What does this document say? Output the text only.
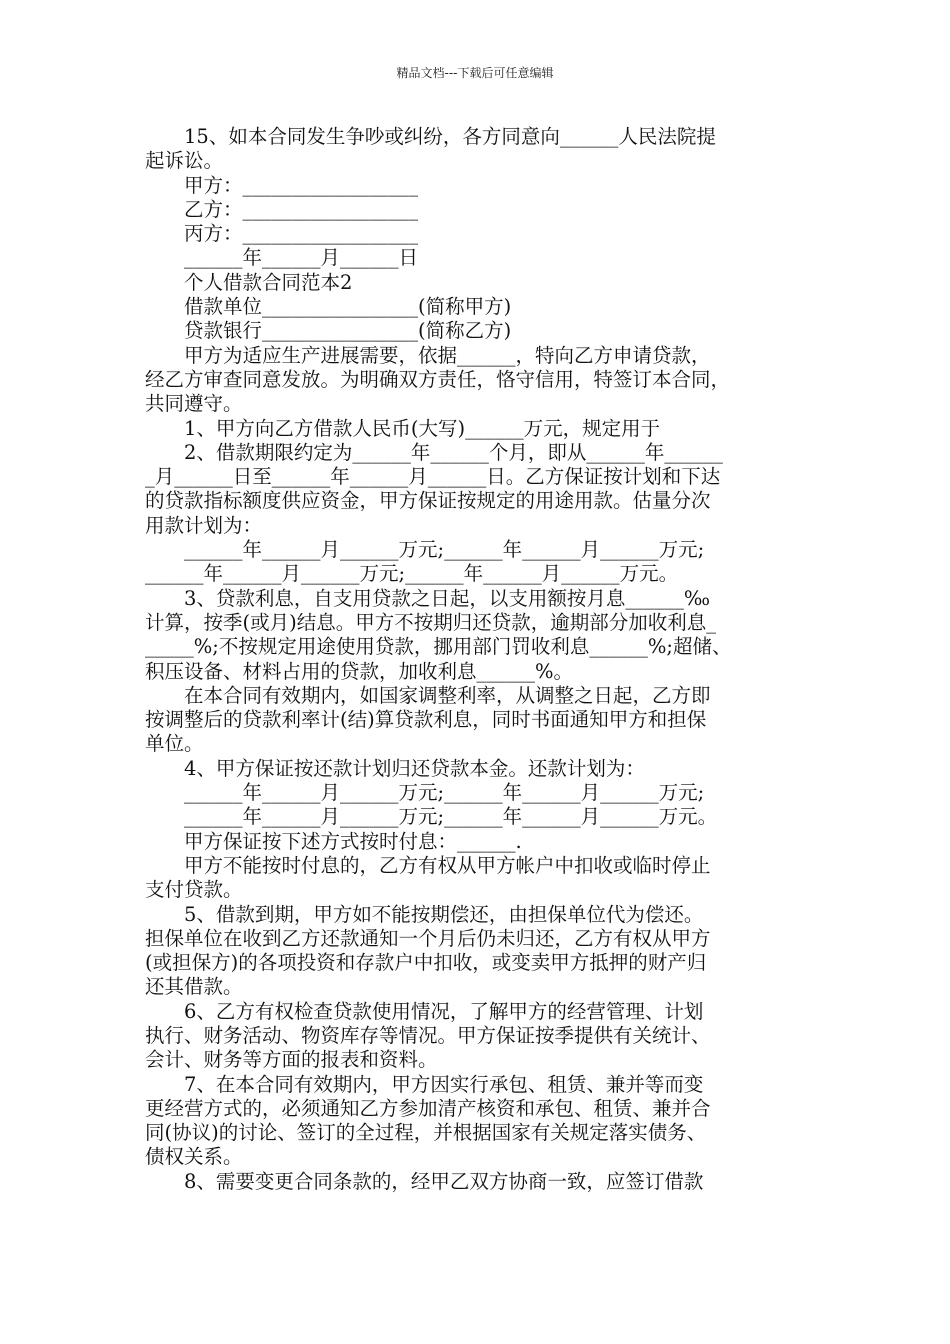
精品文档---下载后可任意编辑
　　15、如本合同发生争吵或纠纷，各方同意向______人民法院提
起诉讼。
　　甲方：__________________
　　乙方：__________________
　　丙方：__________________
　　______年______月______日
　　个人借款合同范本2
　　借款单位________________(简称甲方)
　　贷款银行________________(简称乙方)
　　甲方为适应生产进展需要，依据______，特向乙方申请贷款，
经乙方审查同意发放。为明确双方责任，恪守信用，特签订本合同，
共同遵守。
　　1、甲方向乙方借款人民币(大写)______万元，规定用于
　　2、借款期限约定为______年______个月，即从______年______
_月______日至______年______月______日。乙方保证按计划和下达
的贷款指标额度供应资金，甲方保证按规定的用途用款。估量分次
用款计划为：
　　______年______月______万元;______年______月______万元;
______年______月______万元;______年______月______万元。
　　3、贷款利息，自支用贷款之日起，以支用额按月息______‰
计算，按季(或月)结息。甲方不按期归还贷款，逾期部分加收利息_
_____%;不按规定用途使用贷款，挪用部门罚收利息______%;超储、
积压设备、材料占用的贷款，加收利息______%。
　　在本合同有效期内，如国家调整利率，从调整之日起，乙方即
按调整后的贷款利率计(结)算贷款利息，同时书面通知甲方和担保
单位。
　　4、甲方保证按还款计划归还贷款本金。还款计划为：
　　______年______月______万元;______年______月______万元;
　　______年______月______万元;______年______月______万元。
　　甲方保证按下述方式按时付息：______.
　　甲方不能按时付息的，乙方有权从甲方帐户中扣收或临时停止
支付贷款。
　　5、借款到期，甲方如不能按期偿还，由担保单位代为偿还。
担保单位在收到乙方还款通知一个月后仍未归还，乙方有权从甲方
(或担保方)的各项投资和存款户中扣收，或变卖甲方抵押的财产归
还其借款。
　　6、乙方有权检查贷款使用情况，了解甲方的经营管理、计划
执行、财务活动、物资库存等情况。甲方保证按季提供有关统计、
会计、财务等方面的报表和资料。
　　7、在本合同有效期内，甲方因实行承包、租赁、兼并等而变
更经营方式的，必须通知乙方参加清产核资和承包、租赁、兼并合
同(协议)的讨论、签订的全过程，并根据国家有关规定落实债务、
债权关系。
　　8、需要变更合同条款的，经甲乙双方协商一致，应签订借款
